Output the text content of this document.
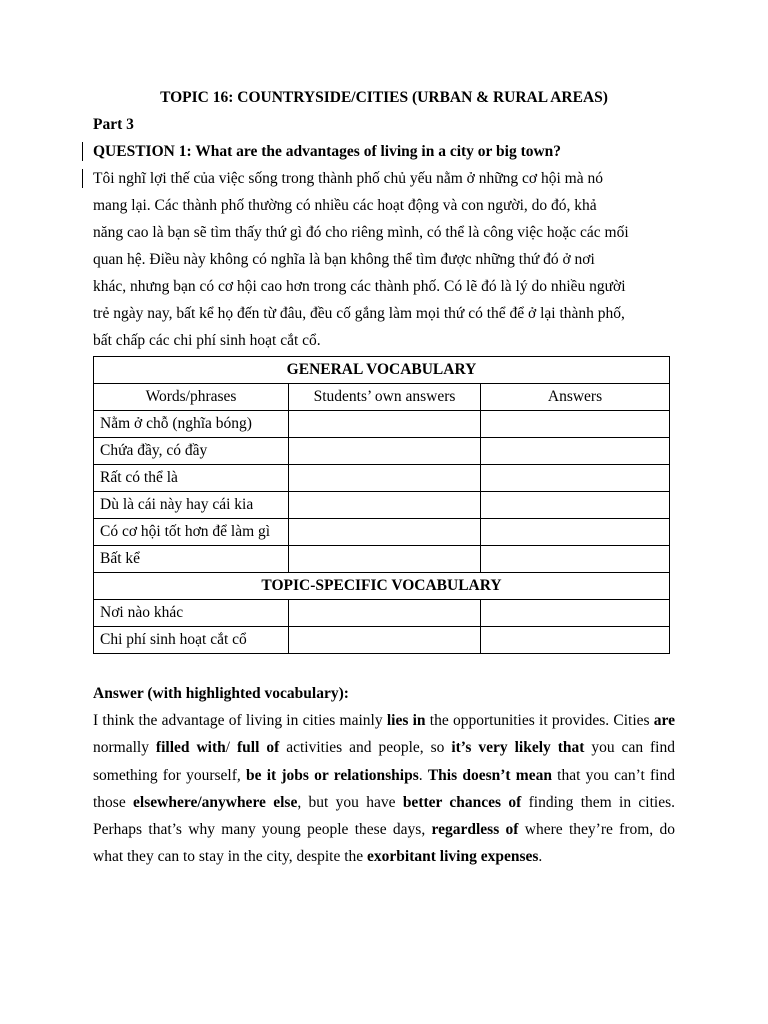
TOPIC 16: COUNTRYSIDE/CITIES (URBAN & RURAL AREAS)
Part 3
QUESTION 1: What are the advantages of living in a city or big town?
Tôi nghĩ lợi thế của việc sống trong thành phố chủ yếu nằm ở những cơ hội mà nó
mang lại. Các thành phố thường có nhiều các hoạt động và con người, do đó, khả
năng cao là bạn sẽ tìm thấy thứ gì đó cho riêng mình, có thể là công việc hoặc các mối
quan hệ. Điều này không có nghĩa là bạn không thể tìm được những thứ đó ở nơi
khác, nhưng bạn có cơ hội cao hơn trong các thành phố. Có lẽ đó là lý do nhiều người
trẻ ngày nay, bất kể họ đến từ đâu, đều cố gắng làm mọi thứ có thể để ở lại thành phố,
bất chấp các chi phí sinh hoạt cắt cổ.
GENERAL VOCABULARY		
Words/phrases	Students’ own answers	Answers
Nằm ở chỗ (nghĩa bóng)		
Chứa đầy, có đầy		
Rất có thể là		
Dù là cái này hay cái kia		
Có cơ hội tốt hơn để làm gì		
Bất kể		
TOPIC-SPECIFIC VOCABULARY		
Nơi nào khác		
Chi phí sinh hoạt cắt cổ		
Answer (with highlighted vocabulary):
I think the advantage of living in cities mainly lies in the opportunities it provides. Cities are normally filled with/ full of activities and people, so it’s very likely that you can find something for yourself, be it jobs or relationships. This doesn’t mean that you can’t find those elsewhere/anywhere else, but you have better chances of finding them in cities. Perhaps that’s why many young people these days, regardless of where they’re from, do what they can to stay in the city, despite the exorbitant living expenses.
